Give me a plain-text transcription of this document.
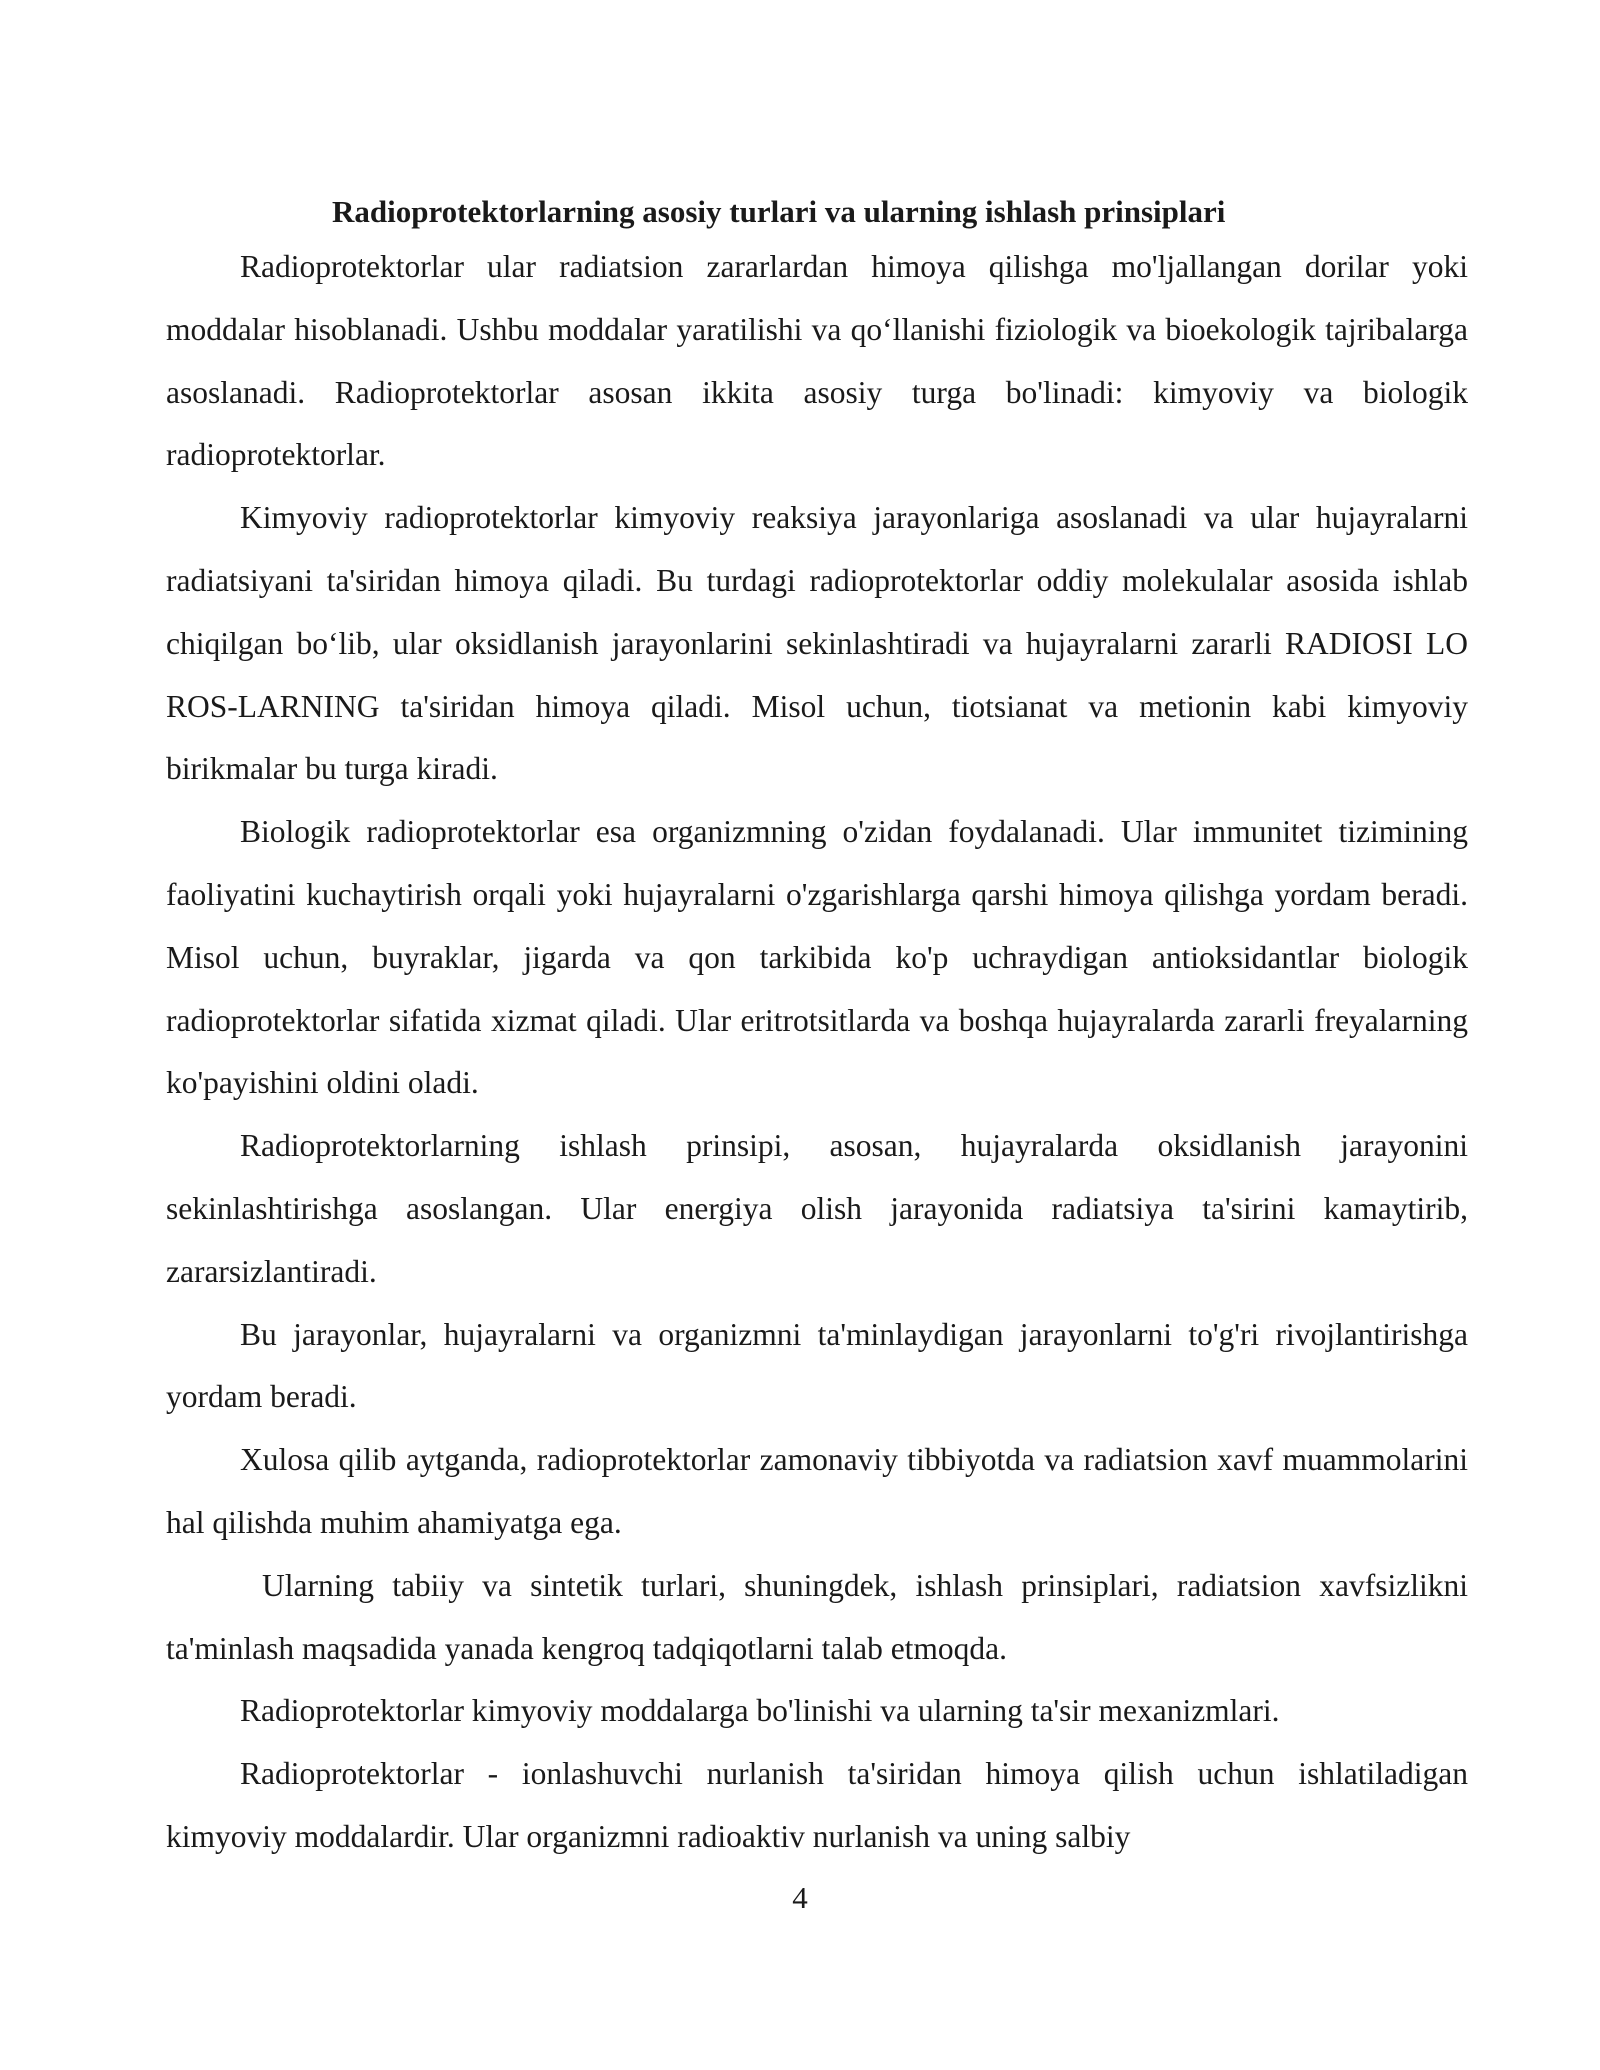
Radioprotektorlarning asosiy turlari va ularning ishlash prinsiplari

Radioprotektorlar ular radiatsion zararlardan himoya qilishga mo'ljallangan dorilar yoki moddalar hisoblanadi. Ushbu moddalar yaratilishi va qo‘llanishi fiziologik va bioekologik tajribalarga asoslanadi. Radioprotektorlar asosan ikkita asosiy turga bo'linadi: kimyoviy va biologik radioprotektorlar.

Kimyoviy radioprotektorlar kimyoviy reaksiya jarayonlariga asoslanadi va ular hujayralarni radiatsiyani ta'siridan himoya qiladi. Bu turdagi radioprotektorlar oddiy molekulalar asosida ishlab chiqilgan bo‘lib, ular oksidlanish jarayonlarini sekinlashtiradi va hujayralarni zararli RADIOSI LO ROS-LARNING ta'siridan himoya qiladi. Misol uchun, tiotsianat va metionin kabi kimyoviy birikmalar bu turga kiradi.

Biologik radioprotektorlar esa organizmning o'zidan foydalanadi. Ular immunitet tizimining faoliyatini kuchaytirish orqali yoki hujayralarni o'zgarishlarga qarshi himoya qilishga yordam beradi. Misol uchun, buyraklar, jigarda va qon tarkibida ko'p uchraydigan antioksidantlar biologik radioprotektorlar sifatida xizmat qiladi. Ular eritrotsitlarda va boshqa hujayralarda zararli freyalarning ko'payishini oldini oladi.

Radioprotektorlarning ishlash prinsipi, asosan, hujayralarda oksidlanish jarayonini sekinlashtirishga asoslangan. Ular energiya olish jarayonida radiatsiya ta'sirini kamaytirib, zararsizlantiradi.

Bu jarayonlar, hujayralarni va organizmni ta'minlaydigan jarayonlarni to'g'ri rivojlantirishga yordam beradi.

Xulosa qilib aytganda, radioprotektorlar zamonaviy tibbiyotda va radiatsion xavf muammolarini hal qilishda muhim ahamiyatga ega.

Ularning tabiiy va sintetik turlari, shuningdek, ishlash prinsiplari, radiatsion xavfsizlikni ta'minlash maqsadida yanada kengroq tadqiqotlarni talab etmoqda.

Radioprotektorlar kimyoviy moddalarga bo'linishi va ularning ta'sir mexanizmlari.

Radioprotektorlar - ionlashuvchi nurlanish ta'siridan himoya qilish uchun ishlatiladigan kimyoviy moddalardir. Ular organizmni radioaktiv nurlanish va uning salbiy

4
